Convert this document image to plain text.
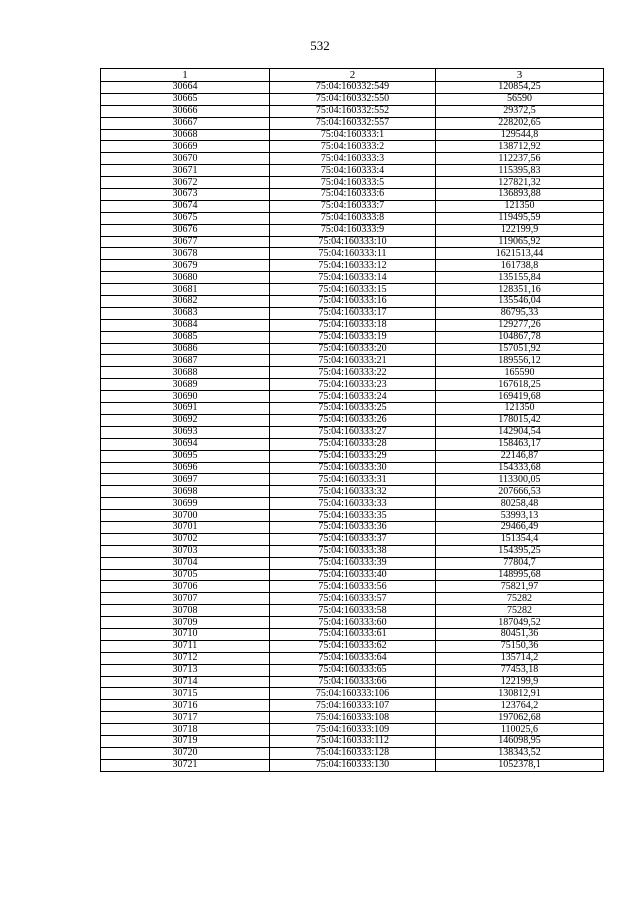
532
1	2	3
30664	75:04:160332:549	120854,25
30665	75:04:160332:550	56590
30666	75:04:160332:552	29372,5
30667	75:04:160332:557	228202,65
30668	75:04:160333:1	129544,8
30669	75:04:160333:2	138712,92
30670	75:04:160333:3	112237,56
30671	75:04:160333:4	115395,83
30672	75:04:160333:5	127821,32
30673	75:04:160333:6	136893,88
30674	75:04:160333:7	121350
30675	75:04:160333:8	119495,59
30676	75:04:160333:9	122199,9
30677	75:04:160333:10	119065,92
30678	75:04:160333:11	1621513,44
30679	75:04:160333:12	161738,8
30680	75:04:160333:14	135155,84
30681	75:04:160333:15	128351,16
30682	75:04:160333:16	135546,04
30683	75:04:160333:17	86795,33
30684	75:04:160333:18	129277,26
30685	75:04:160333:19	104867,78
30686	75:04:160333:20	157051,92
30687	75:04:160333:21	189556,12
30688	75:04:160333:22	165590
30689	75:04:160333:23	167618,25
30690	75:04:160333:24	169419,68
30691	75:04:160333:25	121350
30692	75:04:160333:26	178015,42
30693	75:04:160333:27	142904,54
30694	75:04:160333:28	158463,17
30695	75:04:160333:29	22146,87
30696	75:04:160333:30	154333,68
30697	75:04:160333:31	113300,05
30698	75:04:160333:32	207666,53
30699	75:04:160333:33	80258,48
30700	75:04:160333:35	53993,13
30701	75:04:160333:36	29466,49
30702	75:04:160333:37	151354,4
30703	75:04:160333:38	154395,25
30704	75:04:160333:39	77804,7
30705	75:04:160333:40	148995,68
30706	75:04:160333:56	75821,97
30707	75:04:160333:57	75282
30708	75:04:160333:58	75282
30709	75:04:160333:60	187049,52
30710	75:04:160333:61	80451,36
30711	75:04:160333:62	75150,36
30712	75:04:160333:64	135714,2
30713	75:04:160333:65	77453,18
30714	75:04:160333:66	122199,9
30715	75:04:160333:106	130812,91
30716	75:04:160333:107	123764,2
30717	75:04:160333:108	197062,68
30718	75:04:160333:109	110025,6
30719	75:04:160333:112	146098,95
30720	75:04:160333:128	138343,52
30721	75:04:160333:130	1052378,1
